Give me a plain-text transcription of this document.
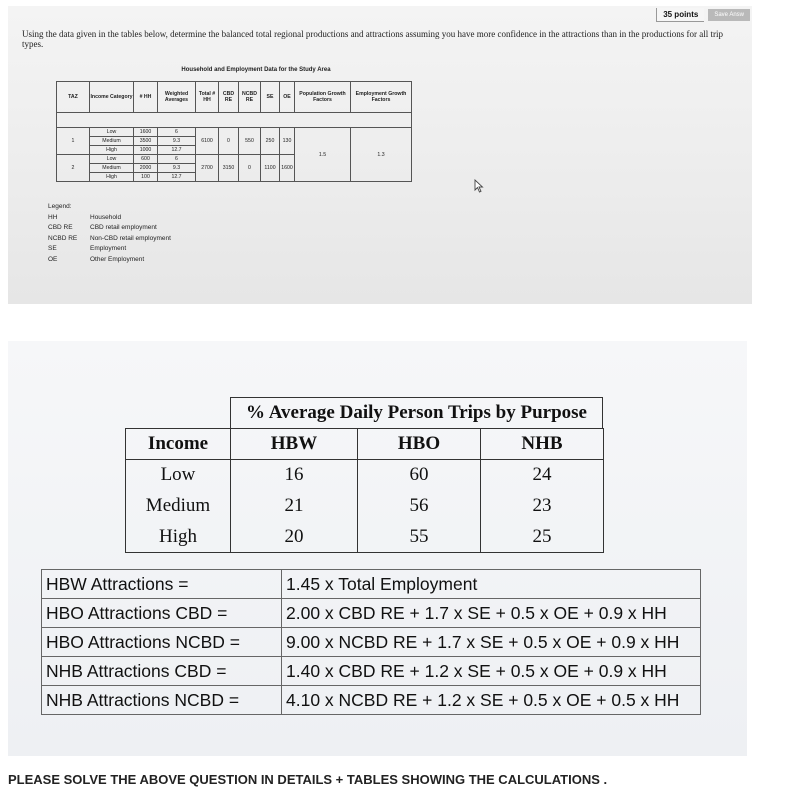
35 points	Save Answ
Using the data given in the tables below, determine the balanced total regional productions and attractions assuming you have more confidence in the attractions than in the productions for all trip types.
Household and Employment Data for the Study Area
TAZ	Income Category	# HH	Weighted Averages	Total # HH	CBD RE	NCBD RE	SE	OE	Population Growth Factors	Employment Growth Factors

1	Low	1600	6	6100	0	550	250	130	1.5	1.3
	Medium	3500	9.3							
	High	1000	12.7							
2	Low	600	6	2700	3150	0	1100	1600		
	Medium	2000	9.3							
	High	100	12.7							
Legend:
HH	Household
CBD RE	CBD retail employment
NCBD RE	Non-CBD retail employment
SE	Employment
OE	Other Employment
% Average Daily Person Trips by Purpose
Income	HBW	HBO	NHB
Low	16	60	24
Medium	21	56	23
High	20	55	25
HBW Attractions =	1.45 x Total Employment
HBO Attractions CBD =	2.00 x CBD RE + 1.7 x SE + 0.5 x OE + 0.9 x HH
HBO Attractions NCBD =	9.00 x NCBD RE + 1.7 x SE + 0.5 x OE + 0.9 x HH
NHB Attractions CBD =	1.40 x CBD RE + 1.2 x SE + 0.5 x OE + 0.9 x HH
NHB Attractions NCBD =	4.10 x NCBD RE + 1.2 x SE + 0.5 x OE + 0.5 x HH
PLEASE SOLVE THE ABOVE QUESTION IN DETAILS + TABLES SHOWING THE CALCULATIONS .
